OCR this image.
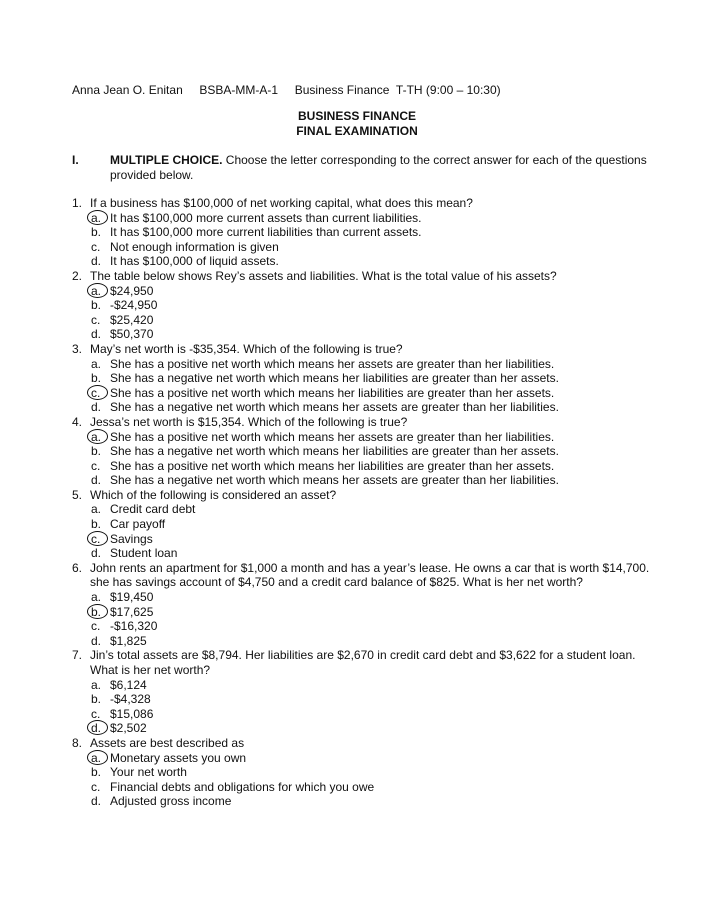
Anna Jean O. Enitan     BSBA-MM-A-1     Business Finance  T-TH (9:00 – 10:30)
BUSINESS FINANCE
FINAL EXAMINATION
I.	MULTIPLE CHOICE. Choose the letter corresponding to the correct answer for each of the questions provided below.
1. If a business has $100,000 of net working capital, what does this mean?
a. It has $100,000 more current assets than current liabilities.
b. It has $100,000 more current liabilities than current assets.
c. Not enough information is given
d. It has $100,000 of liquid assets.
2. The table below shows Rey’s assets and liabilities. What is the total value of his assets?
a. $24,950
b. -$24,950
c. $25,420
d. $50,370
3. May’s net worth is -$35,354. Which of the following is true?
a. She has a positive net worth which means her assets are greater than her liabilities.
b. She has a negative net worth which means her liabilities are greater than her assets.
c. She has a positive net worth which means her liabilities are greater than her assets.
d. She has a negative net worth which means her assets are greater than her liabilities.
4. Jessa’s net worth is $15,354. Which of the following is true?
a. She has a positive net worth which means her assets are greater than her liabilities.
b. She has a negative net worth which means her liabilities are greater than her assets.
c. She has a positive net worth which means her liabilities are greater than her assets.
d. She has a negative net worth which means her assets are greater than her liabilities.
5. Which of the following is considered an asset?
a. Credit card debt
b. Car payoff
c. Savings
d. Student loan
6. John rents an apartment for $1,000 a month and has a year’s lease. He owns a car that is worth $14,700. she has savings account of $4,750 and a credit card balance of $825. What is her net worth?
a. $19,450
b. $17,625
c. -$16,320
d. $1,825
7. Jin’s total assets are $8,794. Her liabilities are $2,670 in credit card debt and $3,622 for a student loan. What is her net worth?
a. $6,124
b. -$4,328
c. $15,086
d. $2,502
8. Assets are best described as
a. Monetary assets you own
b. Your net worth
c. Financial debts and obligations for which you owe
d. Adjusted gross income
